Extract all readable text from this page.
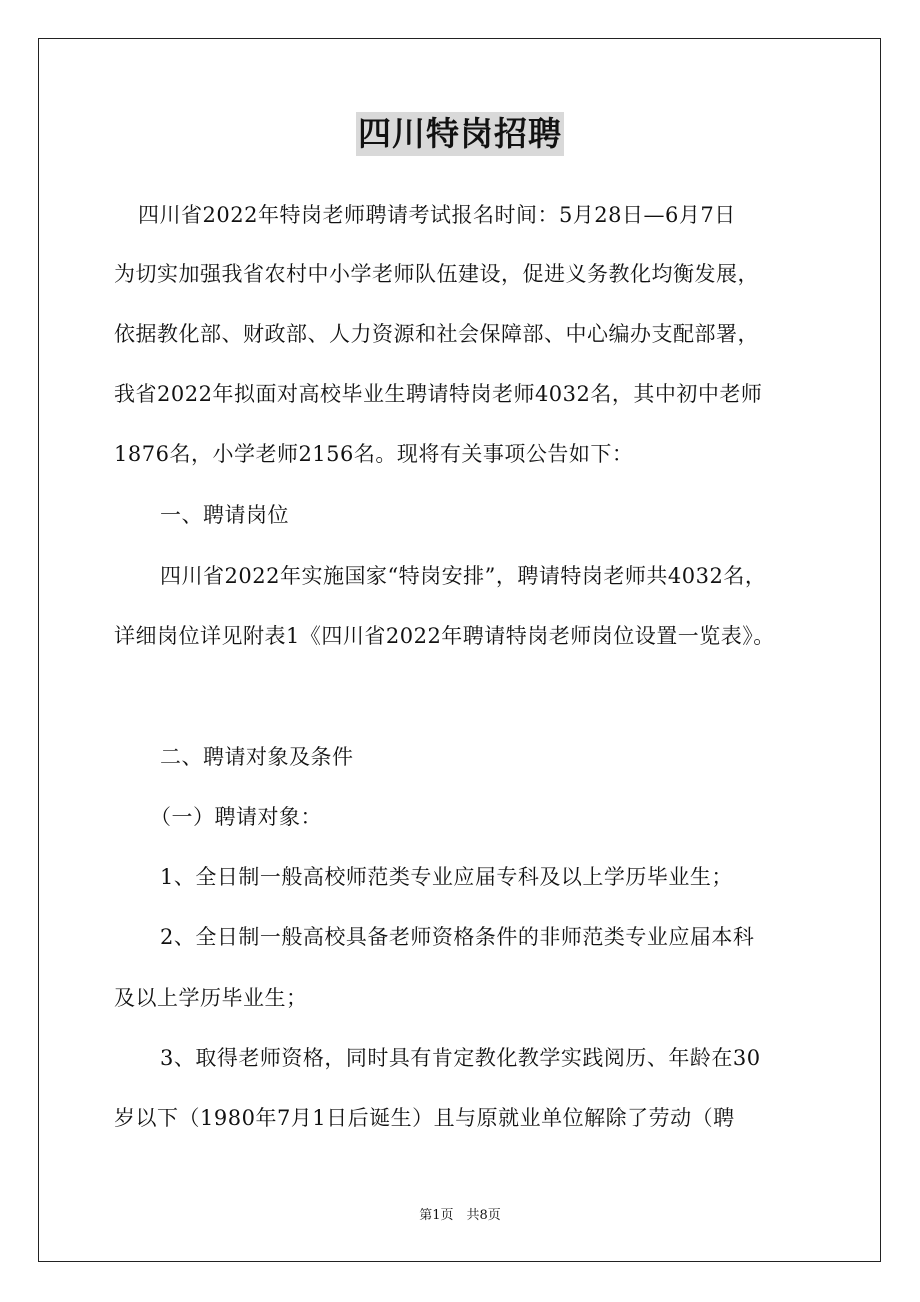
四川特岗招聘
四川省2022年特岗老师聘请考试报名时间：5月28日—6月7日
为切实加强我省农村中小学老师队伍建设，促进义务教化均衡发展，
依据教化部、财政部、人力资源和社会保障部、中心编办支配部署，
我省2022年拟面对高校毕业生聘请特岗老师4032名，其中初中老师
1876名，小学老师2156名。现将有关事项公告如下：
一、聘请岗位
四川省2022年实施国家“特岗安排”，聘请特岗老师共4032名，
详细岗位详见附表1《四川省2022年聘请特岗老师岗位设置一览表》。
二、聘请对象及条件
（一）聘请对象：
1、全日制一般高校师范类专业应届专科及以上学历毕业生；
2、全日制一般高校具备老师资格条件的非师范类专业应届本科
及以上学历毕业生；
3、取得老师资格，同时具有肯定教化教学实践阅历、年龄在30
岁以下（1980年7月1日后诞生）且与原就业单位解除了劳动（聘
第1页　共8页
